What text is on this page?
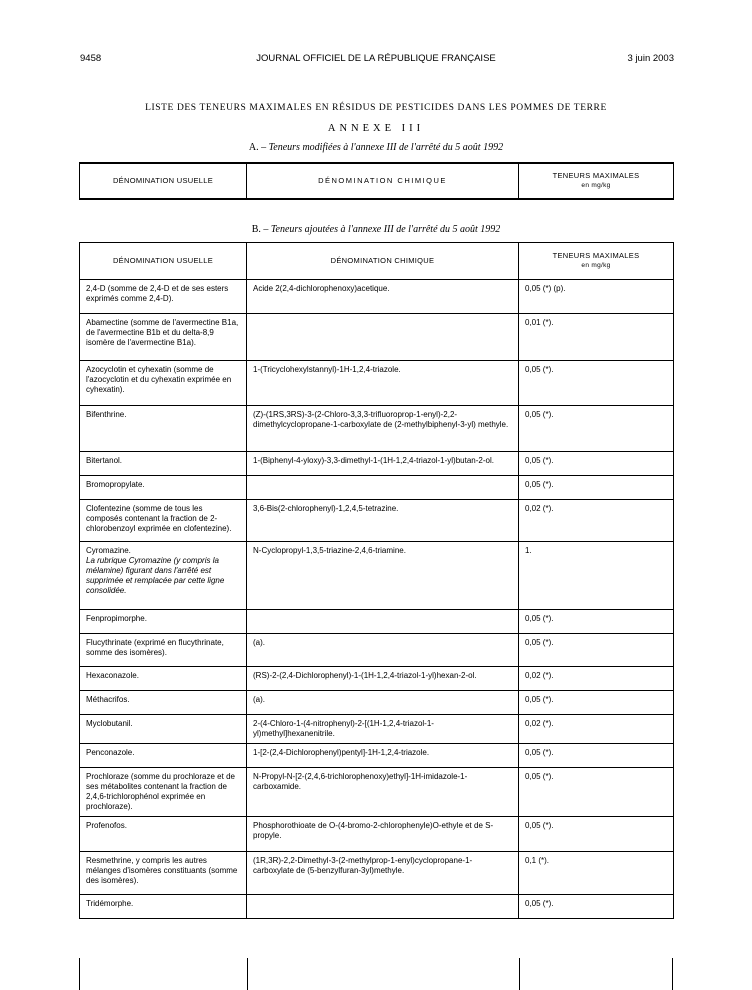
9458	JOURNAL OFFICIEL DE LA RÉPUBLIQUE FRANÇAISE	3 juin 2003
LISTE DES TENEURS MAXIMALES EN RÉSIDUS DE PESTICIDES DANS LES POMMES DE TERRE
ANNEXE III
A. – Teneurs modifiées à l'annexe III de l'arrêté du 5 août 1992
DÉNOMINATION USUELLE	DÉNOMINATION CHIMIQUE	TENEURS MAXIMALES
en mg/kg
B. – Teneurs ajoutées à l'annexe III de l'arrêté du 5 août 1992
DÉNOMINATION USUELLE	DÉNOMINATION CHIMIQUE	TENEURS MAXIMALES
en mg/kg

2,4-D (somme de 2,4-D et de ses esters exprimés comme 2,4-D).	Acide 2(2,4-dichlorophenoxy)acetique.	0,05 (*) (p).
Abamectine (somme de l'avermectine B1a, de l'avermectine B1b et du delta-8,9 isomère de l'avermectine B1a).		0,01 (*).
Azocyclotin et cyhexatin (somme de l'azocyclotin et du cyhexatin exprimée en cyhexatin).	1-(Tricyclohexylstannyl)-1H-1,2,4-triazole.	0,05 (*).
Bifenthrine.	(Z)-(1RS,3RS)-3-(2-Chloro-3,3,3-trifluoroprop-1-enyl)-2,2-dimethylcyclopropane-1-carboxylate de (2-methylbiphenyl-3-yl) methyle.	0,05 (*).
Bitertanol.	1-(Biphenyl-4-yloxy)-3,3-dimethyl-1-(1H-1,2,4-triazol-1-yl)butan-2-ol.	0,05 (*).
Bromopropylate.		0,05 (*).
Clofentezine (somme de tous les composés contenant la fraction de 2-chlorobenzoyl exprimée en clofentezine).	3,6-Bis(2-chlorophenyl)-1,2,4,5-tetrazine.	0,02 (*).
Cyromazine.
La rubrique Cyromazine (y compris la mélamine) figurant dans l'arrêté est supprimée et remplacée par cette ligne consolidée.	N-Cyclopropyl-1,3,5-triazine-2,4,6-triamine.	1.
Fenpropimorphe.		0,05 (*).
Flucythrinate (exprimé en flucythrinate, somme des isomères).	(a).	0,05 (*).
Hexaconazole.	(RS)-2-(2,4-Dichlorophenyl)-1-(1H-1,2,4-triazol-1-yl)hexan-2-ol.	0,02 (*).
Méthacrifos.	(a).	0,05 (*).
Myclobutanil.	2-(4-Chloro-1-(4-nitrophenyl)-2-[(1H-1,2,4-triazol-1-yl)methyl]hexanenitrile.	0,02 (*).
Penconazole.	1-[2-(2,4-Dichlorophenyl)pentyl]-1H-1,2,4-triazole.	0,05 (*).
Prochloraze (somme du prochloraze et de ses métabolites contenant la fraction de 2,4,6-trichlorophénol exprimée en prochloraze).	N-Propyl-N-[2-(2,4,6-trichlorophenoxy)ethyl]-1H-imidazole-1-carboxamide.	0,05 (*).
Profenofos.	Phosphorothioate de O-(4-bromo-2-chlorophenyle)O-ethyle et de S-propyle.	0,05 (*).
Resmethrine, y compris les autres mélanges d'isomères constituants (somme des isomères).	(1R,3R)-2,2-Dimethyl-3-(2-methylprop-1-enyl)cyclopropane-1-carboxylate de (5-benzylfuran-3yl)methyle.	0,1 (*).
Tridémorphe.		0,05 (*).
